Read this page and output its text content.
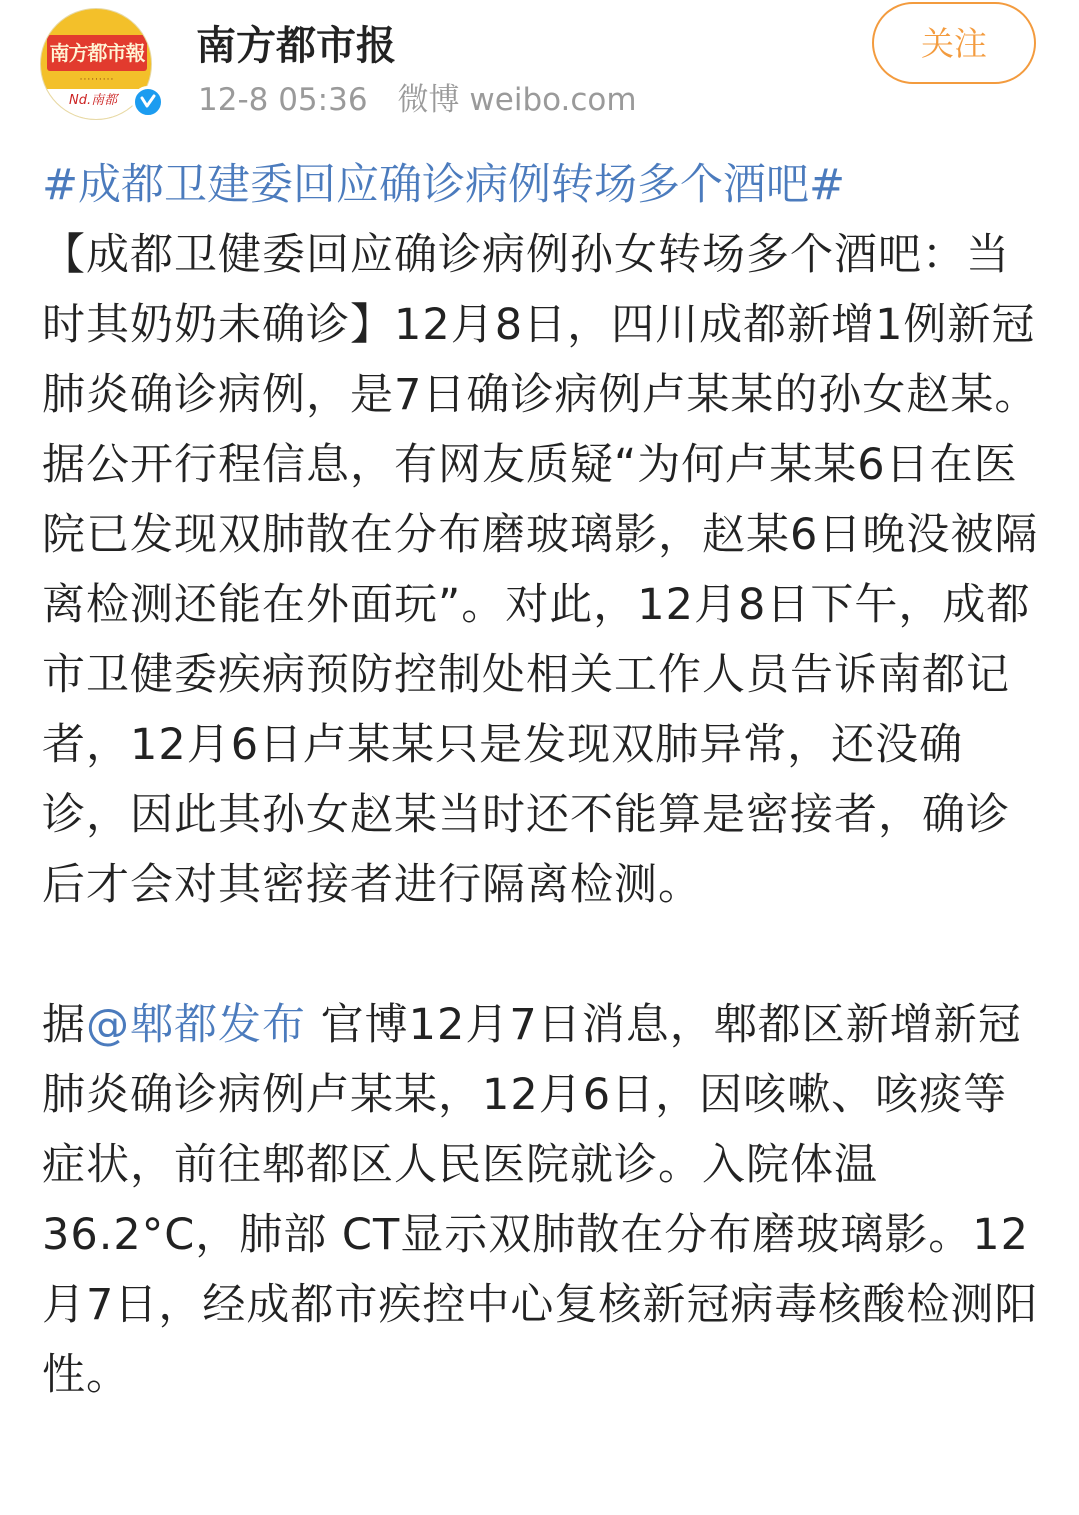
南方都市報
·········
Nd.南都
南方都市报
12-8 05:36 微博 weibo.com
关注
#成都卫建委回应确诊病例转场多个酒吧#

【成都卫健委回应确诊病例孙女转场多个酒吧：当时其奶奶未确诊】12月8日，四川成都新增1例新冠肺炎确诊病例，是7日确诊病例卢某某的孙女赵某。据公开行程信息，有网友质疑“为何卢某某6日在医院已发现双肺散在分布磨玻璃影，赵某6日晚没被隔离检测还能在外面玩”。对此，12月8日下午，成都市卫健委疾病预防控制处相关工作人员告诉南都记者，12月6日卢某某只是发现双肺异常，还没确诊，因此其孙女赵某当时还不能算是密接者，确诊后才会对其密接者进行隔离检测。

据@郫都发布 官博12月7日消息，郫都区新增新冠肺炎确诊病例卢某某，12月6日，因咳嗽、咳痰等症状，前往郫都区人民医院就诊。入院体温 36.2°C，肺部 CT显示双肺散在分布磨玻璃影。12月7日，经成都市疾控中心复核新冠病毒核酸检测阳性。
